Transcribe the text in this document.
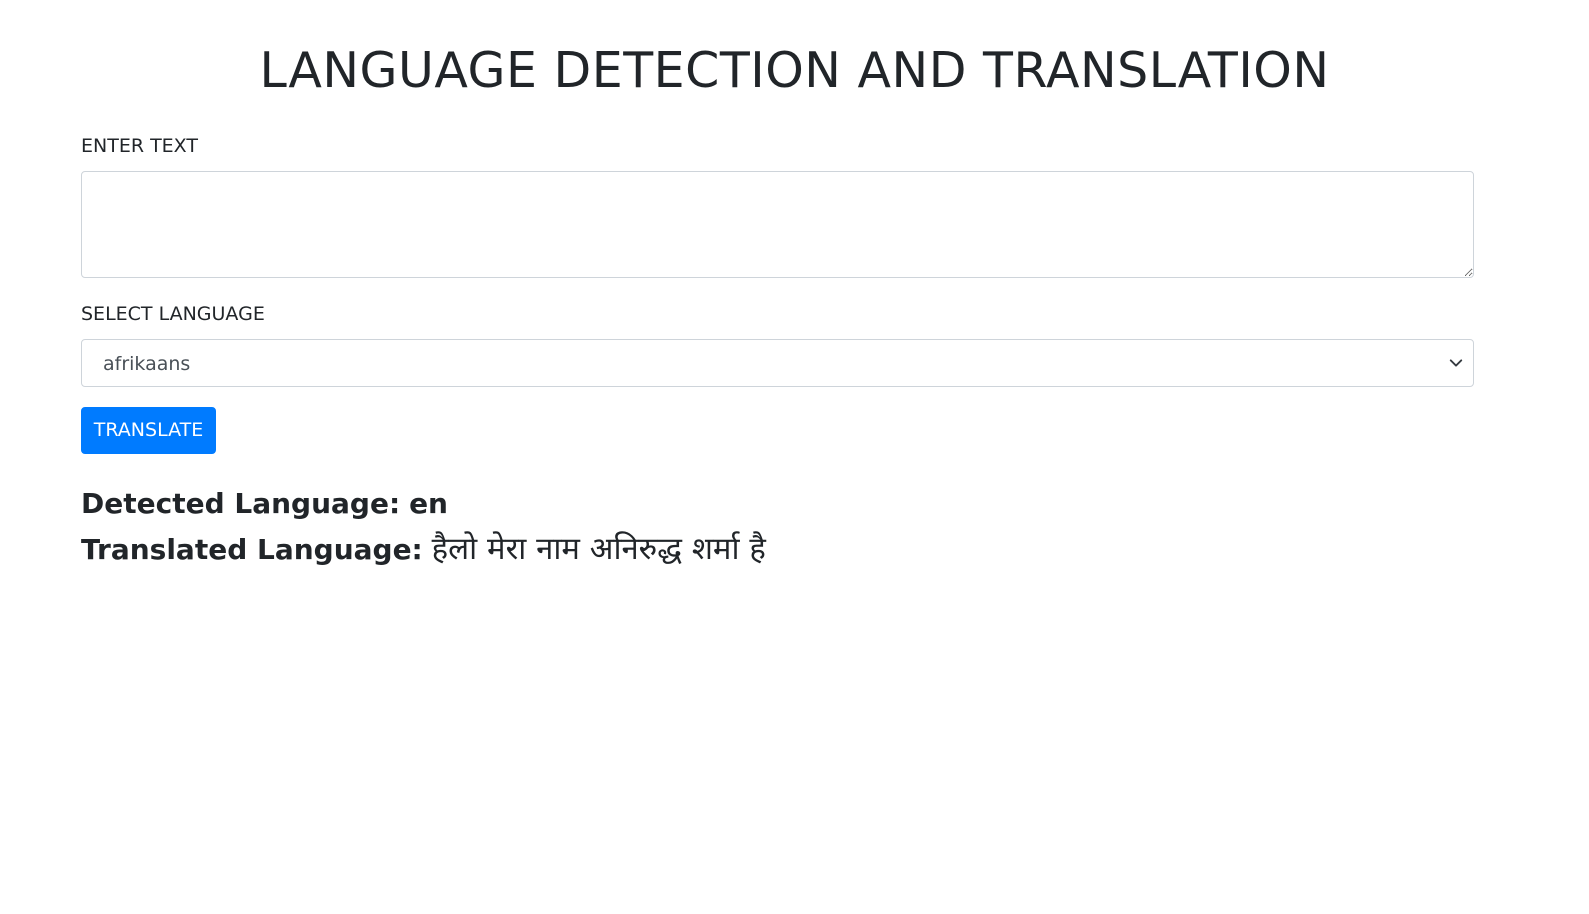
LANGUAGE DETECTION AND TRANSLATION
ENTER TEXT
SELECT LANGUAGE
afrikaans
TRANSLATE
Detected Language: en
Translated Language: हैलो मेरा नाम अनिरुद्ध शर्मा है
